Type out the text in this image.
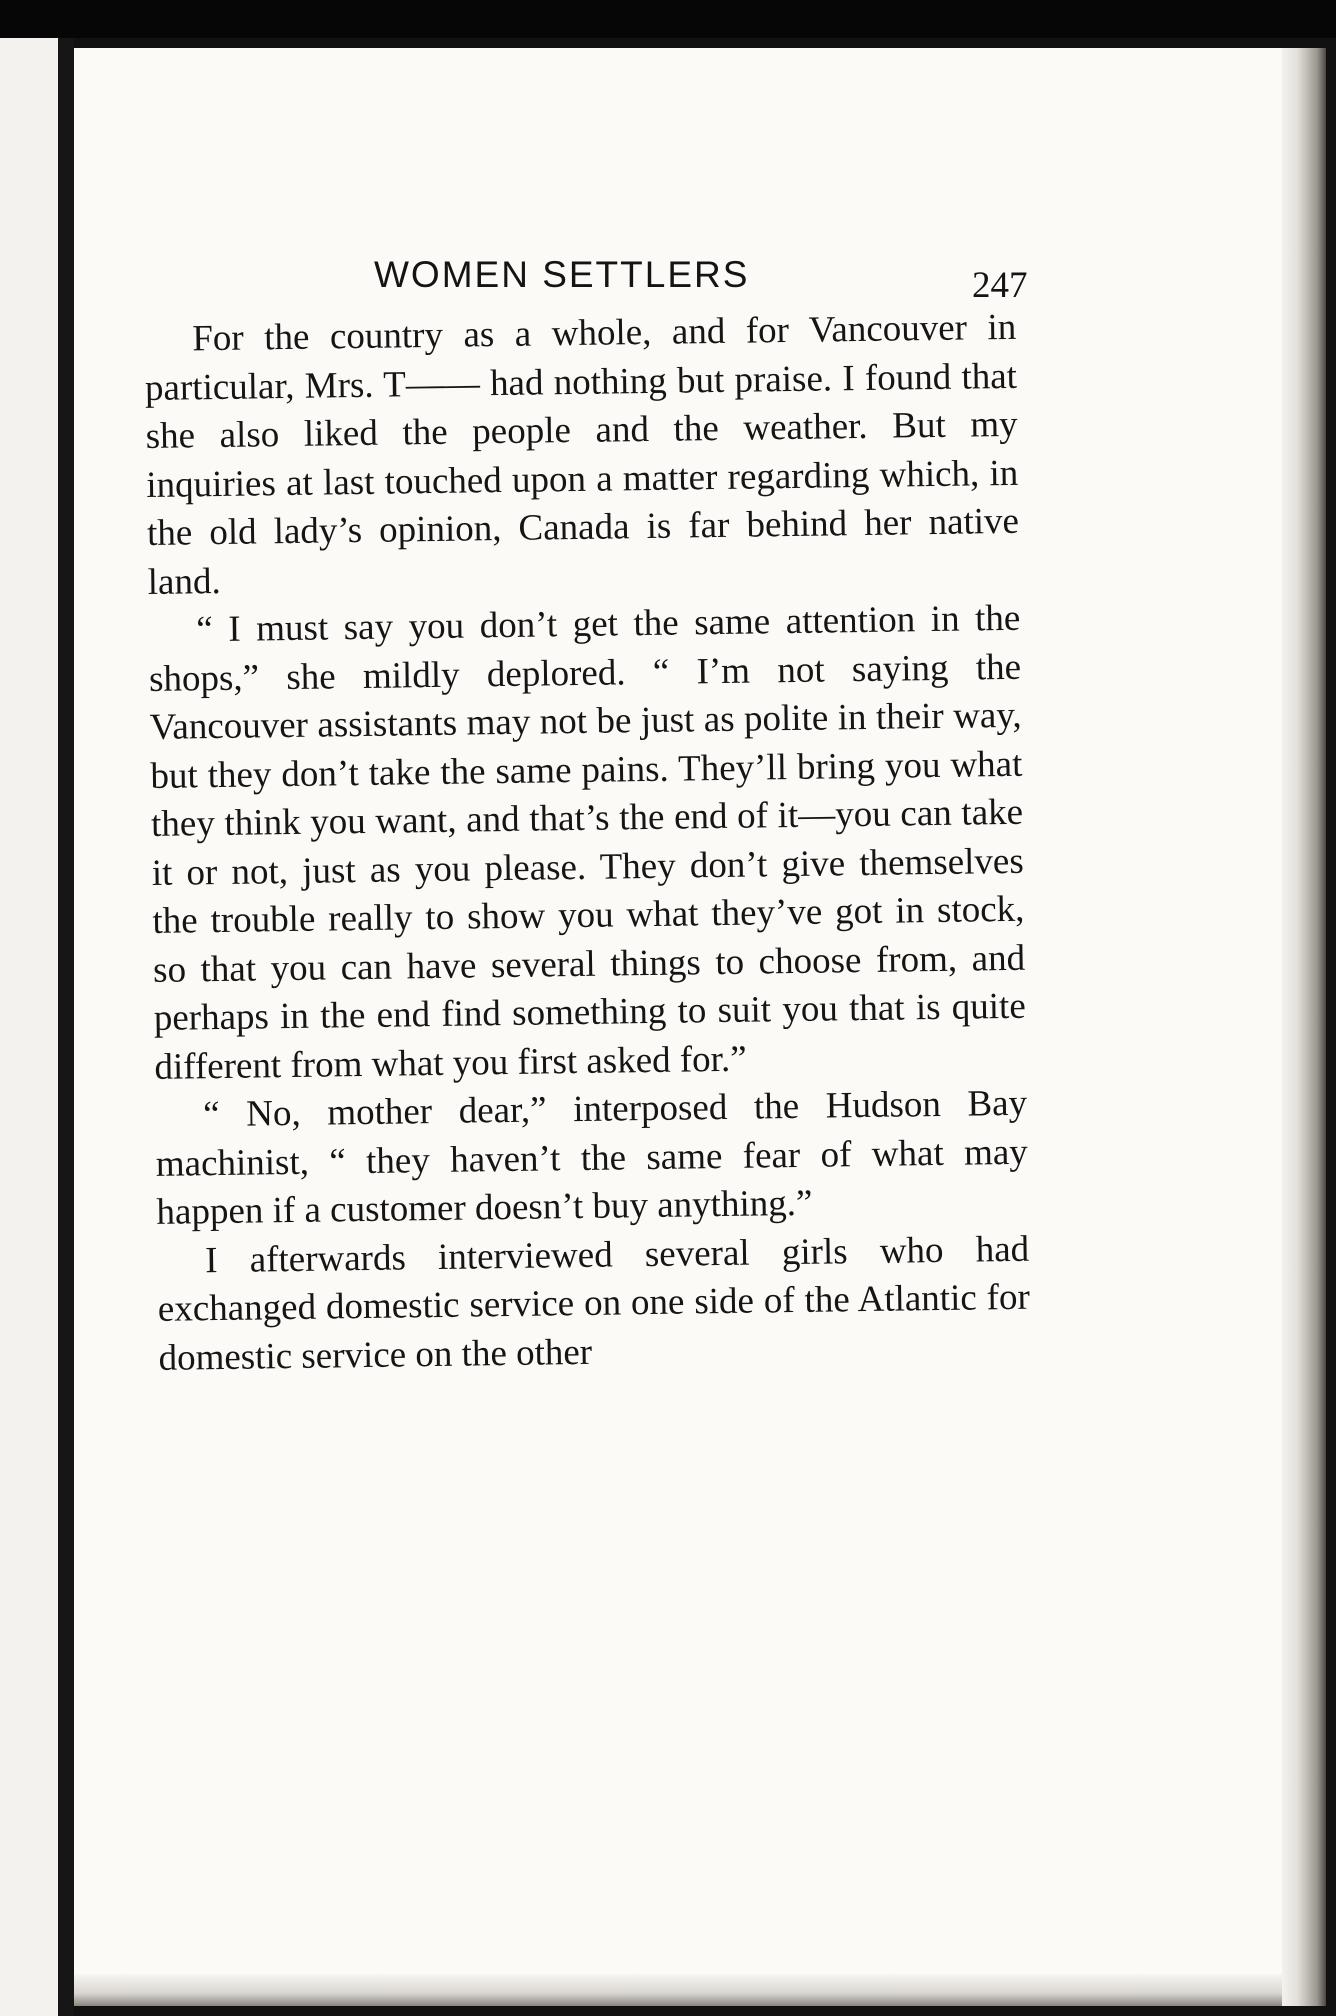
WOMEN SETTLERS	247

For the country as a whole, and for Vancouver in particular, Mrs. T—— had nothing but praise. I found that she also liked the people and the weather. But my inquiries at last touched upon a matter regarding which, in the old lady’s opinion, Canada is far behind her native land.

“ I must say you don’t get the same attention in the shops,” she mildly deplored. “ I’m not saying the Vancouver assistants may not be just as polite in their way, but they don’t take the same pains. They’ll bring you what they think you want, and that’s the end of it—you can take it or not, just as you please. They don’t give themselves the trouble really to show you what they’ve got in stock, so that you can have several things to choose from, and perhaps in the end find something to suit you that is quite different from what you first asked for.”

“ No, mother dear,” interposed the Hudson Bay machinist, “ they haven’t the same fear of what may happen if a customer doesn’t buy anything.”

I afterwards interviewed several girls who had exchanged domestic service on one side of the Atlantic for domestic service on the other
